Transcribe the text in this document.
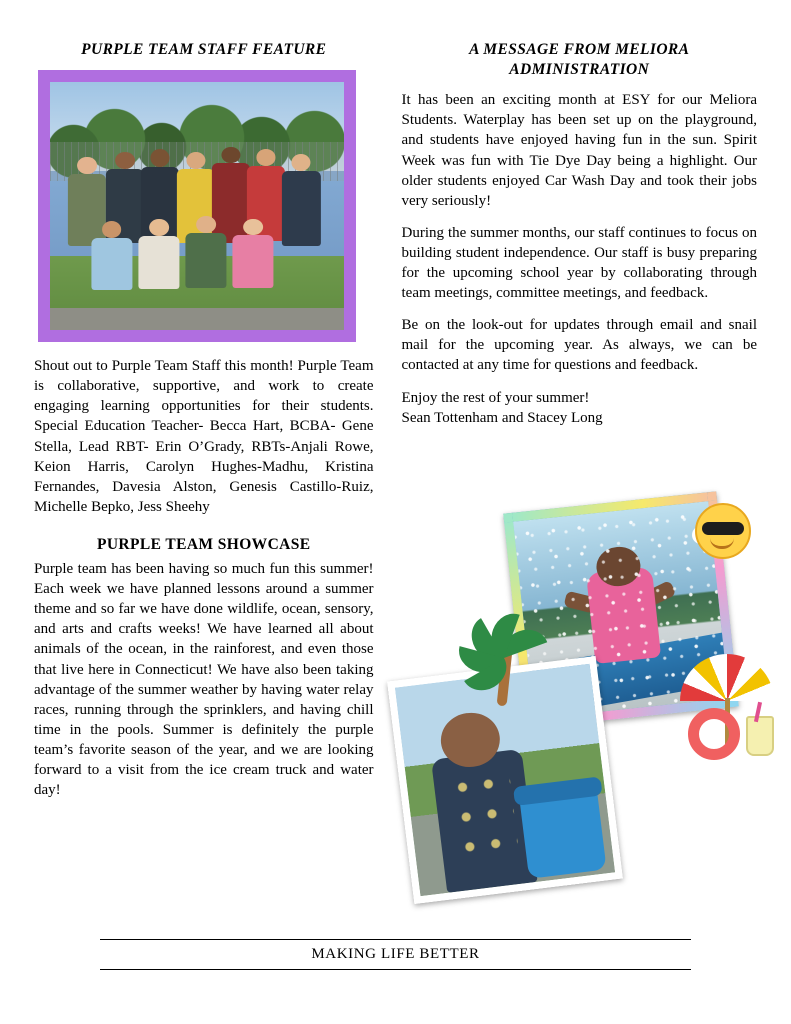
PURPLE TEAM STAFF FEATURE

Shout out to Purple Team Staff this month! Purple Team is collaborative, supportive, and work to create engaging learning opportunities for their students. Special Education Teacher- Becca Hart, BCBA- Gene Stella, Lead RBT- Erin O’Grady, RBTs-Anjali Rowe, Keion Harris, Carolyn Hughes-Madhu, Kristina Fernandes, Davesia Alston, Genesis Castillo-Ruiz, Michelle Bepko, Jess Sheehy

PURPLE TEAM SHOWCASE

Purple team has been having so much fun this summer! Each week we have planned lessons around a summer theme and so far we have done wildlife, ocean, sensory, and arts and crafts weeks! We have learned all about animals of the ocean, in the rainforest, and even those that live here in Connecticut! We have also been taking advantage of the summer weather by having water relay races, running through the sprinklers, and having chill time in the pools. Summer is definitely the purple team’s favorite season of the year, and we are looking forward to a visit from the ice cream truck and water day!

A MESSAGE FROM MELIORA
ADMINISTRATION

It has been an exciting month at ESY for our Meliora Students. Waterplay has been set up on the playground, and students have enjoyed having fun in the sun. Spirit Week was fun with Tie Dye Day being a highlight. Our older students enjoyed Car Wash Day and took their jobs very seriously!

During the summer months, our staff continues to focus on building student independence. Our staff is busy preparing for the upcoming school year by collaborating through team meetings, committee meetings, and feedback.

Be on the look-out for updates through email and snail mail for the upcoming year. As always, we can be contacted at any time for questions and feedback.

Enjoy the rest of your summer!

Sean Tottenham and Stacey Long

MAKING LIFE BETTER
